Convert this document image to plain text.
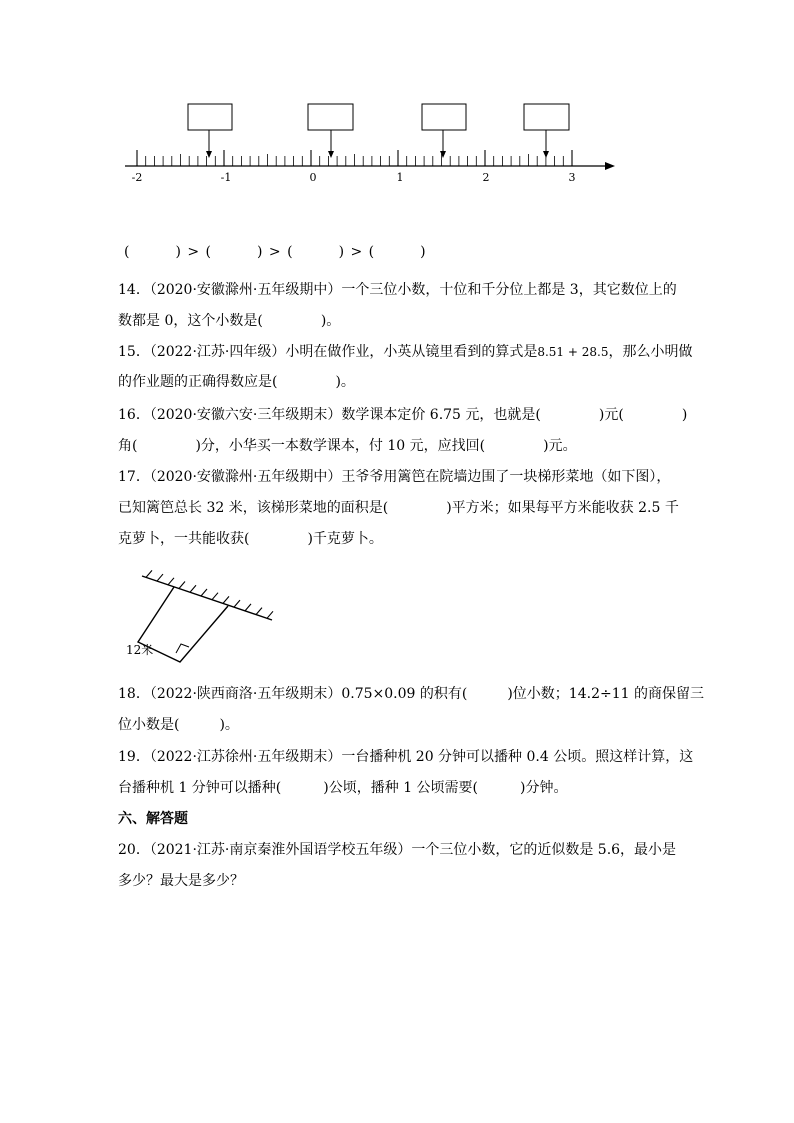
-2	-1	0	1	2	3
(　　　) > (　　　) > (　　　) > (　　　)
14．（2020·安徽滁州·五年级期中）一个三位小数，十位和千分位上都是 3，其它数位上的
数都是 0，这个小数是(	)。
15．（2022·江苏·四年级）小明在做作业，小英从镜里看到的算式是8.51 + 28.5，那么小明做
的作业题的正确得数应是(	)。
16．（2020·安徽六安·三年级期末）数学课本定价 6.75 元，也就是(	)元(	)
角(	)分，小华买一本数学课本，付 10 元，应找回(	)元。
17．（2020·安徽滁州·五年级期中）王爷爷用篱笆在院墙边围了一块梯形菜地（如下图），
已知篱笆总长 32 米，该梯形菜地的面积是(	)平方米；如果每平方米能收获 2.5 千
克萝卜，一共能收获(	)千克萝卜。
12米
18．（2022·陕西商洛·五年级期末）0.75×0.09 的积有(	)位小数；14.2÷11 的商保留三
位小数是(	)。
19．（2022·江苏徐州·五年级期末）一台播种机 20 分钟可以播种 0.4 公顷。照这样计算，这
台播种机 1 分钟可以播种(	)公顷，播种 1 公顷需要(	)分钟。
六、解答题
20．（2021·江苏·南京秦淮外国语学校五年级）一个三位小数，它的近似数是 5.6，最小是
多少？最大是多少？
